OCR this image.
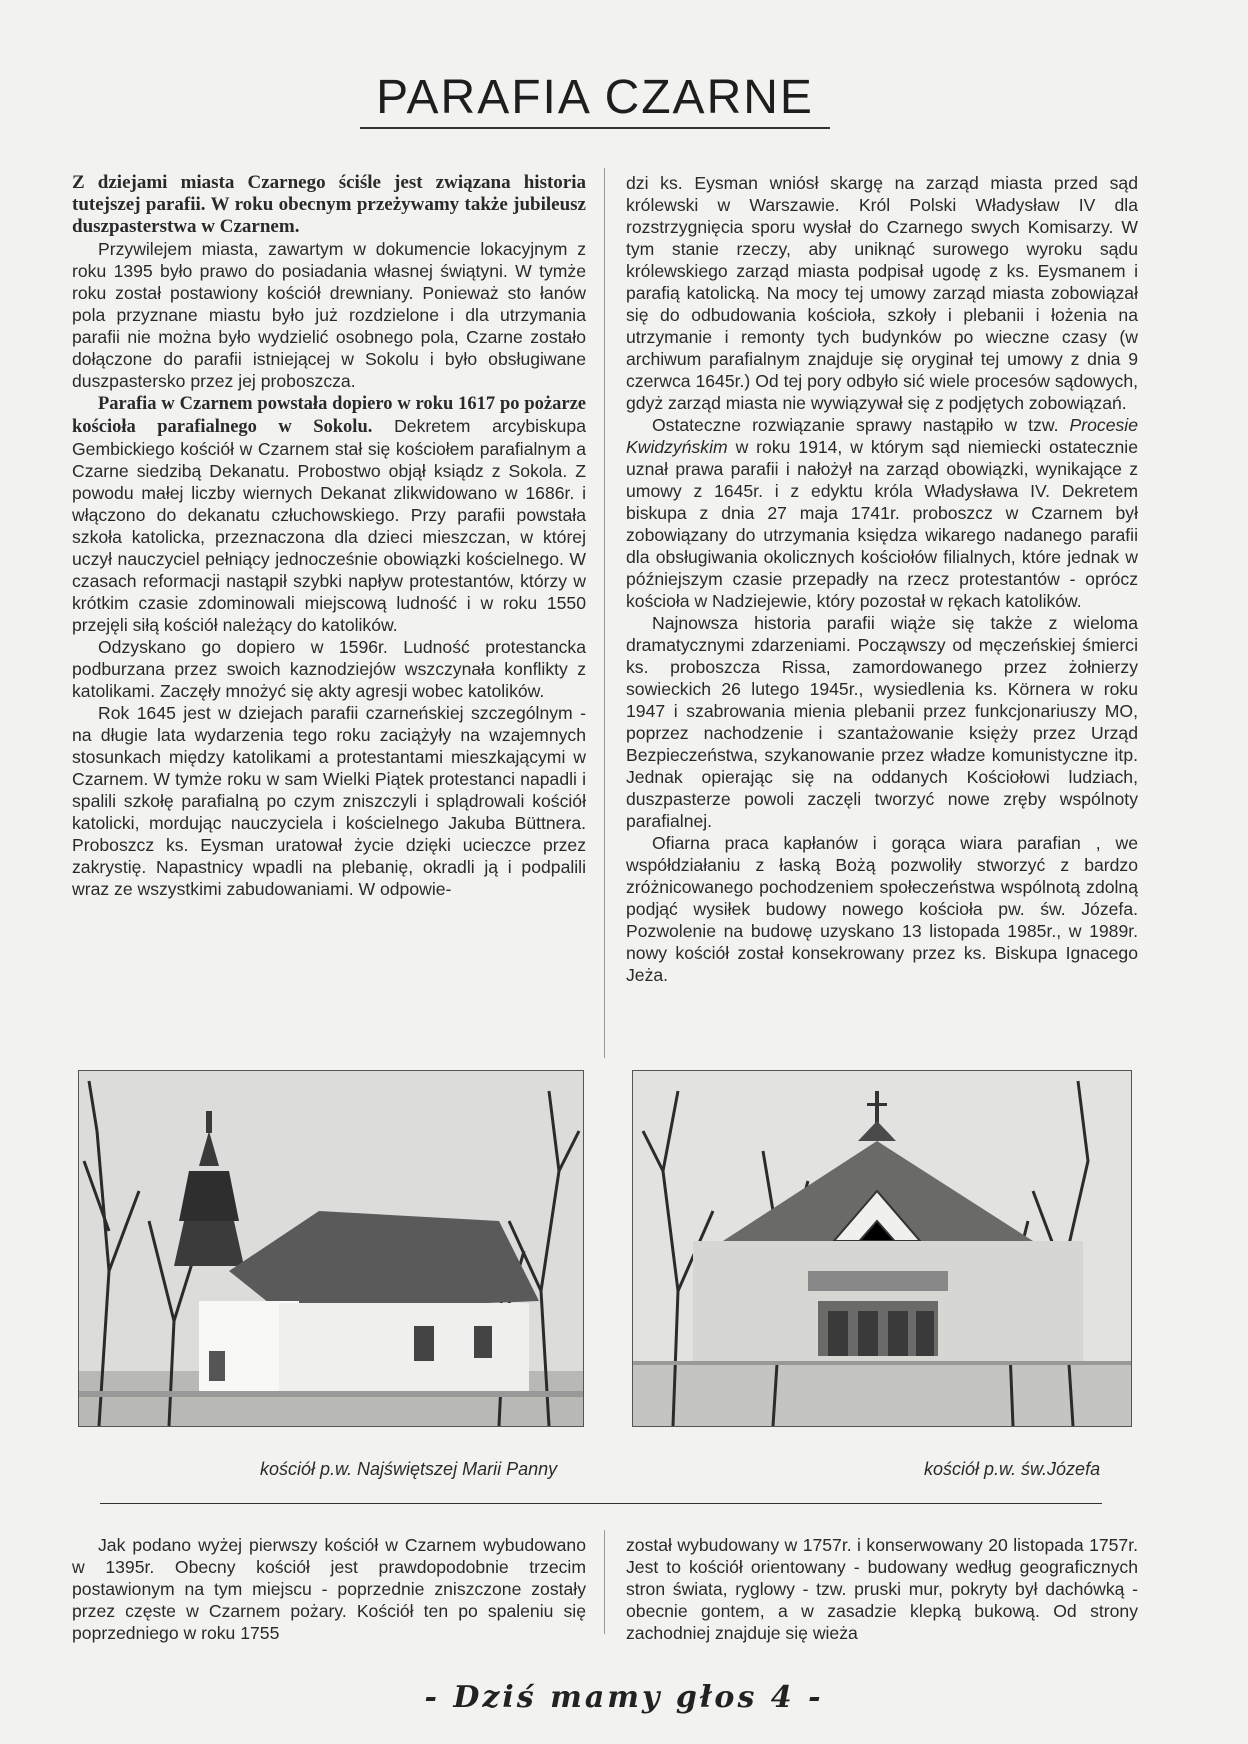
PARAFIA CZARNE

Z dziejami miasta Czarnego ściśle jest związana historia tutejszej parafii. W roku obecnym przeżywamy także jubileusz duszpasterstwa w Czarnem.

Przywilejem miasta, zawartym w dokumencie lokacyjnym z roku 1395 było prawo do posiadania własnej świątyni. W tymże roku został postawiony kościół drewniany. Ponieważ sto łanów pola przyznane miastu było już rozdzielone i dla utrzymania parafii nie można było wydzielić osobnego pola, Czarne zostało dołączone do parafii istniejącej w Sokolu i było obsługiwane duszpastersko przez jej proboszcza.

Parafia w Czarnem powstała dopiero w roku 1617 po pożarze kościoła parafialnego w Sokolu. Dekretem arcybiskupa Gembickiego kościół w Czarnem stał się kościołem parafialnym a Czarne siedzibą Dekanatu. Probostwo objął ksiądz z Sokola. Z powodu małej liczby wiernych Dekanat zlikwidowano w 1686r. i włączono do dekanatu człuchowskiego. Przy parafii powstała szkoła katolicka, przeznaczona dla dzieci mieszczan, w której uczył nauczyciel pełniący jednocześnie obowiązki kościelnego. W czasach reformacji nastąpił szybki napływ protestantów, którzy w krótkim czasie zdominowali miejscową ludność i w roku 1550 przejęli siłą kościół należący do katolików.

Odzyskano go dopiero w 1596r. Ludność protestancka podburzana przez swoich kaznodziejów wszczynała konflikty z katolikami. Zaczęły mnożyć się akty agresji wobec katolików.

Rok 1645 jest w dziejach parafii czarneńskiej szczególnym - na długie lata wydarzenia tego roku zaciążyły na wzajemnych stosunkach między katolikami a protestantami mieszkającymi w Czarnem. W tymże roku w sam Wielki Piątek protestanci napadli i spalili szkołę parafialną po czym zniszczyli i splądrowali kościół katolicki, mordując nauczyciela i kościelnego Jakuba Büttnera. Proboszcz ks. Eysman uratował życie dzięki ucieczce przez zakrystię. Napastnicy wpadli na plebanię, okradli ją i podpalili wraz ze wszystkimi zabudowaniami. W odpowie-

dzi ks. Eysman wniósł skargę na zarząd miasta przed sąd królewski w Warszawie. Król Polski Władysław IV dla rozstrzygnięcia sporu wysłał do Czarnego swych Komisarzy. W tym stanie rzeczy, aby uniknąć surowego wyroku sądu królewskiego zarząd miasta podpisał ugodę z ks. Eysmanem i parafią katolicką. Na mocy tej umowy zarząd miasta zobowiązał się do odbudowania kościoła, szkoły i plebanii i łożenia na utrzymanie i remonty tych budynków po wieczne czasy (w archiwum parafialnym znajduje się oryginał tej umowy z dnia 9 czerwca 1645r.) Od tej pory odbyło sić wiele procesów sądowych, gdyż zarząd miasta nie wywiązywał się z podjętych zobowiązań.

Ostateczne rozwiązanie sprawy nastąpiło w tzw. Procesie Kwidzyńskim w roku 1914, w którym sąd niemiecki ostatecznie uznał prawa parafii i nałożył na zarząd obowiązki, wynikające z umowy z 1645r. i z edyktu króla Władysława IV. Dekretem biskupa z dnia 27 maja 1741r. proboszcz w Czarnem był zobowiązany do utrzymania księdza wikarego nadanego parafii dla obsługiwania okolicznych kościołów filialnych, które jednak w późniejszym czasie przepadły na rzecz protestantów - oprócz kościoła w Nadziejewie, który pozostał w rękach katolików.

Najnowsza historia parafii wiąże się także z wieloma dramatycznymi zdarzeniami. Począwszy od męczeńskiej śmierci ks. proboszcza Rissa, zamordowanego przez żołnierzy sowieckich 26 lutego 1945r., wysiedlenia ks. Körnera w roku 1947 i szabrowania mienia plebanii przez funkcjonariuszy MO, poprzez nachodzenie i szantażowanie księży przez Urząd Bezpieczeństwa, szykanowanie przez władze komunistyczne itp. Jednak opierając się na oddanych Kościołowi ludziach, duszpasterze powoli zaczęli tworzyć nowe zręby wspólnoty parafialnej.

Ofiarna praca kapłanów i gorąca wiara parafian , we współdziałaniu z łaską Bożą pozwoliły stworzyć z bardzo zróżnicowanego pochodzeniem społeczeństwa wspólnotą zdolną podjąć wysiłek budowy nowego kościoła pw. św. Józefa. Pozwolenie na budowę uzyskano 13 listopada 1985r., w 1989r. nowy kościół został konsekrowany przez ks. Biskupa Ignacego Jeża.

kościół p.w. Najświętszej Marii Panny	kościół p.w. św.Józefa

Jak podano wyżej pierwszy kościół w Czarnem wybudowano w 1395r. Obecny kościół jest prawdopodobnie trzecim postawionym na tym miejscu - poprzednie zniszczone zostały przez częste w Czarnem pożary. Kościół ten po spaleniu się poprzedniego w roku 1755

został wybudowany w 1757r. i konserwowany 20 listopada 1757r. Jest to kościół orientowany - budowany według geograficznych stron świata, ryglowy - tzw. pruski mur, pokryty był dachówką - obecnie gontem, a w zasadzie klepką bukową. Od strony zachodniej znajduje się wieża

- Dziś mamy głos 4 -
